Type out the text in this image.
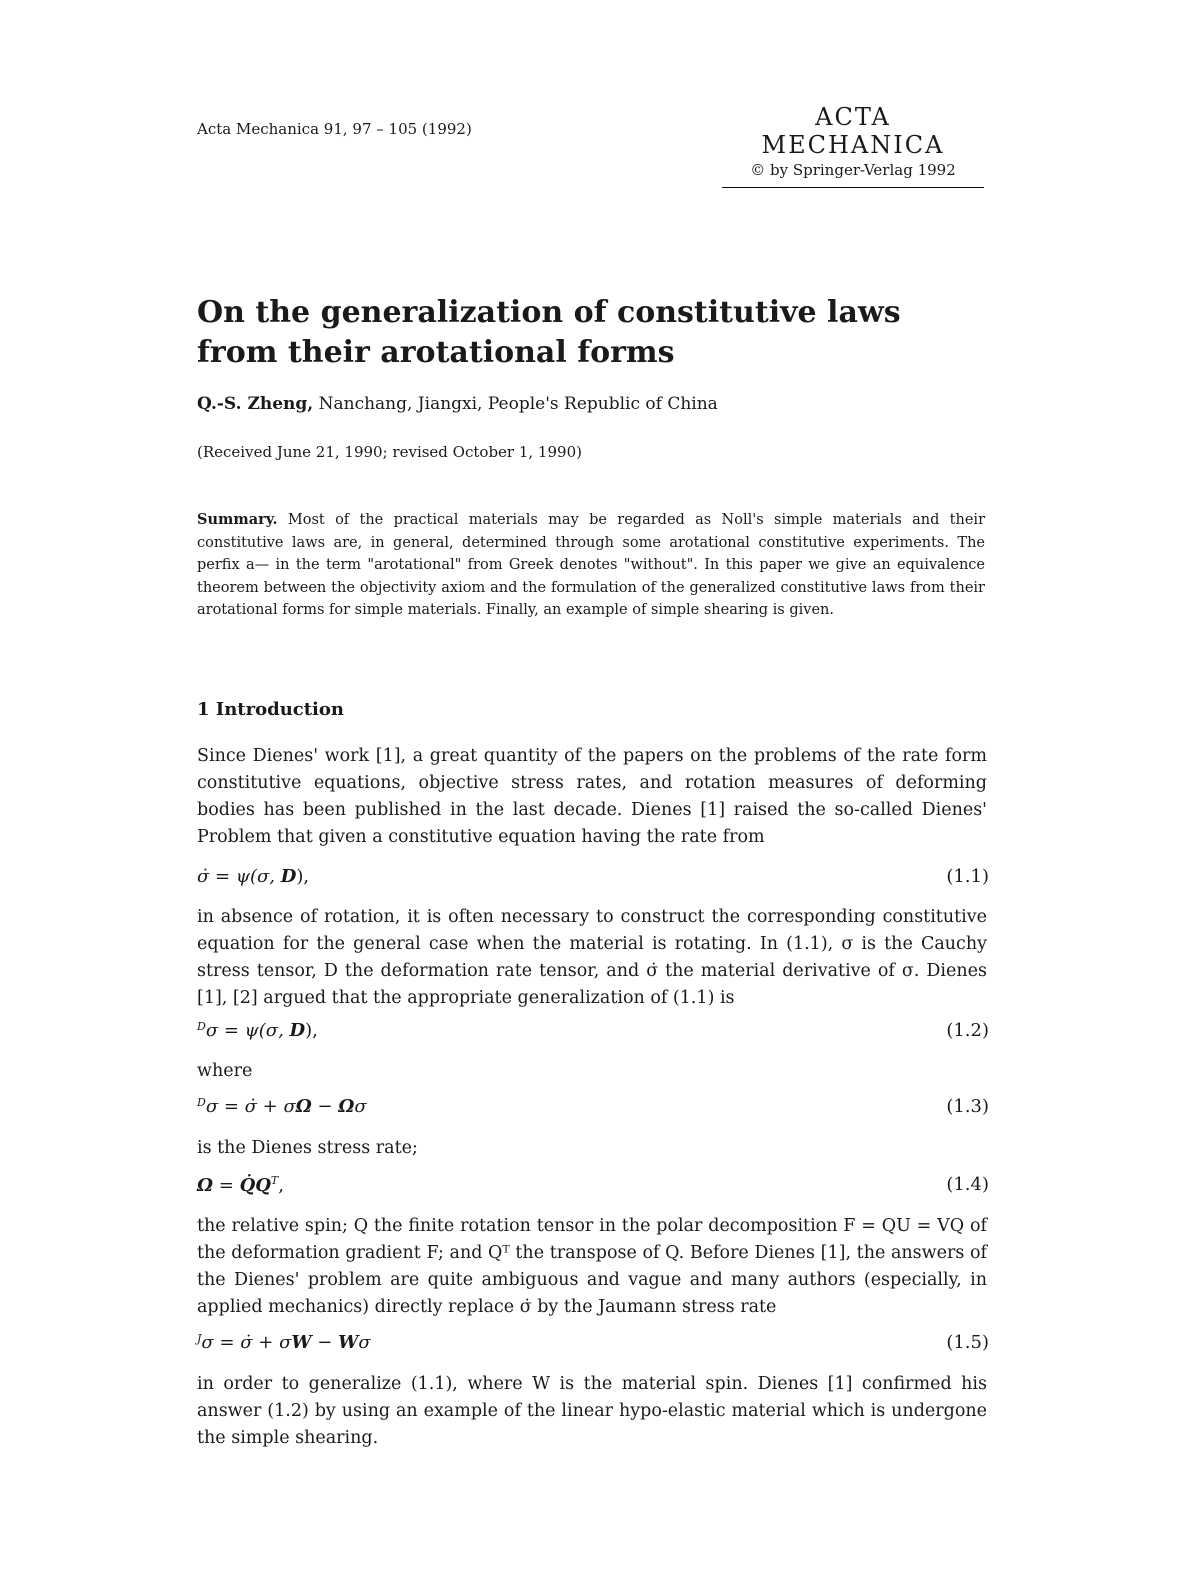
Acta Mechanica 91, 97 – 105 (1992)	ACTA MECHANICA
© by Springer-Verlag 1992
On the generalization of constitutive laws
from their arotational forms
Q.-S. Zheng, Nanchang, Jiangxi, People's Republic of China
(Received June 21, 1990; revised October 1, 1990)

Summary. Most of the practical materials may be regarded as Noll's simple materials and their constitutive laws are, in general, determined through some arotational constitutive experiments. The perfix a— in the term "arotational" from Greek denotes "without". In this paper we give an equivalence theorem between the objectivity axiom and the formulation of the generalized constitutive laws from their arotational forms for simple materials. Finally, an example of simple shearing is given.

1 Introduction

Since Dienes' work [1], a great quantity of the papers on the problems of the rate form constitutive equations, objective stress rates, and rotation measures of deforming bodies has been published in the last decade. Dienes [1] raised the so-called Dienes' Problem that given a constitutive equation having the rate from

σ̇ = ψ(σ, D),	(1.1)

in absence of rotation, it is often necessary to construct the corresponding constitutive equation for the general case when the material is rotating. In (1.1), σ is the Cauchy stress tensor, D the deformation rate tensor, and σ̇ the material derivative of σ. Dienes [1], [2] argued that the appropriate generalization of (1.1) is

$^D$σ = ψ(σ, D),	(1.2)

where

$^D$σ = σ̇ + σΩ − Ωσ	(1.3)

is the Dienes stress rate;

$\Omega = Q̇Q^T$,	(1.4)

the relative spin; Q the finite rotation tensor in the polar decomposition F = QU = VQ of the deformation gradient F; and Qᵀ the transpose of Q. Before Dienes [1], the answers of the Dienes' problem are quite ambiguous and vague and many authors (especially, in applied mechanics) directly replace σ̇ by the Jaumann stress rate

$^J$σ = σ̇ + σW − Wσ	(1.5)

in order to generalize (1.1), where W is the material spin. Dienes [1] confirmed his answer (1.2) by using an example of the linear hypo-elastic material which is undergone the simple shearing.
